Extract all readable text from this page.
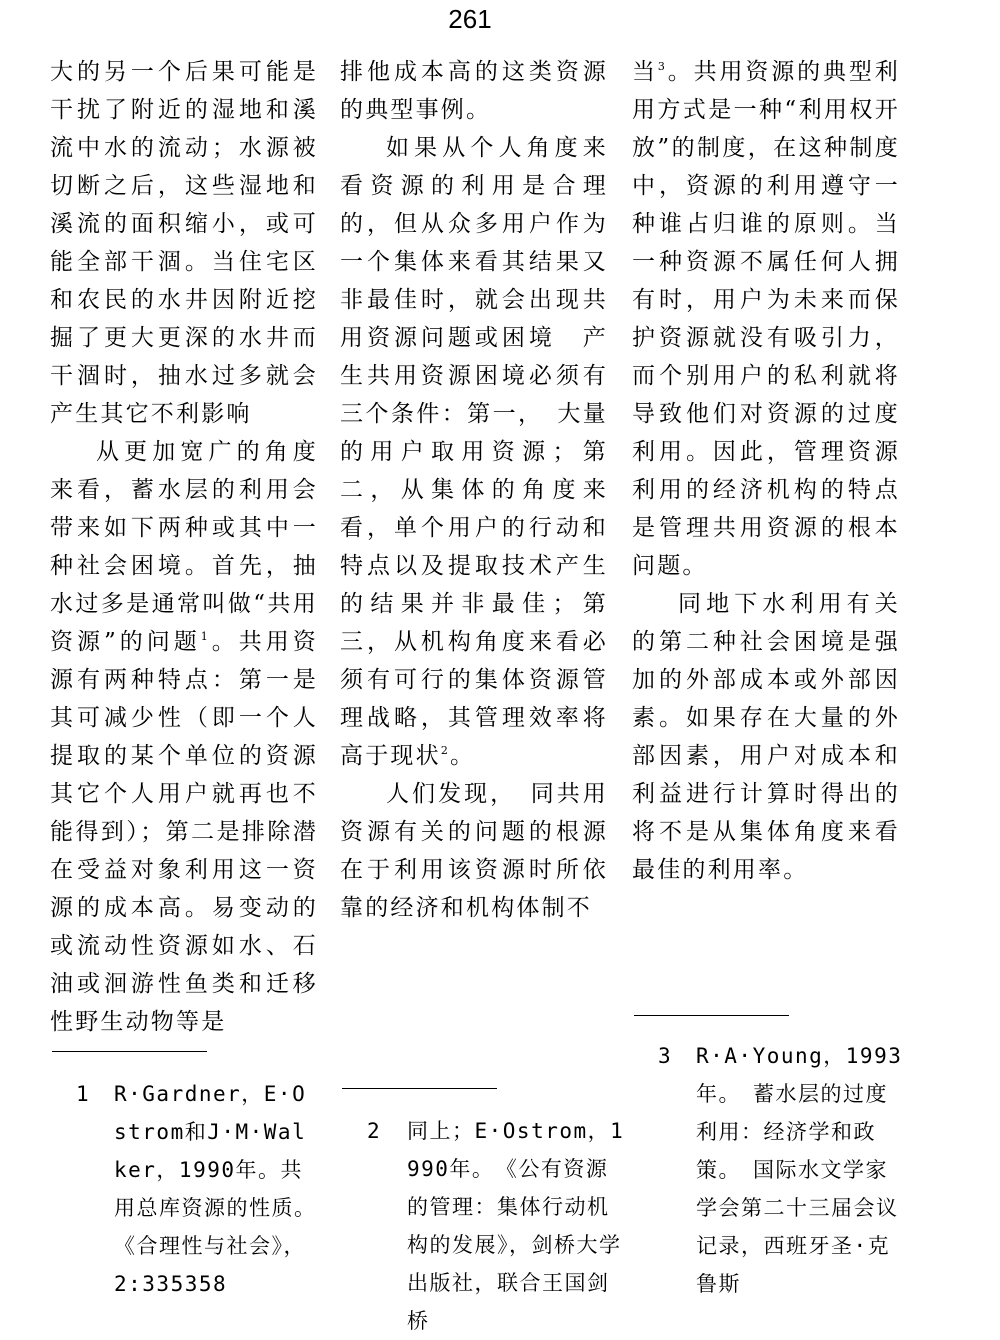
261

大的另一个后果可能是干扰了附近的湿地和溪流中水的流动；水源被切断之后，这些湿地和溪流的面积缩小，或可能全部干涸。当住宅区和农民的水井因附近挖掘了更大更深的水井而干涸时，抽水过多就会产生其它不利影响

从更加宽广的角度来看，蓄水层的利用会带来如下两种或其中一种社会困境。首先，抽水过多是通常叫做“共用资源”的问题$^1$。共用资源有两种特点：第一是其可减少性（即一个人提取的某个单位的资源其它个人用户就再也不能得到）；第二是排除潜在受益对象利用这一资源的成本高。易变动的或流动性资源如水、石油或洄游性鱼类和迁移性野生动物等是

排他成本高的这类资源的典型事例。

如果从个人角度来看资源的利用是合理的，但从众多用户作为一个集体来看其结果又非最佳时，就会出现共用资源问题或困境　产生共用资源困境必须有三个条件：第一，　大量的用户取用资源；第二，从集体的角度来看，单个用户的行动和特点以及提取技术产生的结果并非最佳；第三，从机构角度来看必须有可行的集体资源管理战略，其管理效率将高于现状$^2$。

人们发现，　同共用资源有关的问题的根源在于利用该资源时所依靠的经济和机构体制不

当$^3$。共用资源的典型利用方式是一种“利用权开放”的制度，在这种制度中，资源的利用遵守一种谁占归谁的原则。当一种资源不属任何人拥有时，用户为未来而保护资源就没有吸引力，而个别用户的私利就将导致他们对资源的过度利用。因此，管理资源利用的经济机构的特点是管理共用资源的根本问题。

同地下水利用有关的第二种社会困境是强加的外部成本或外部因素。如果存在大量的外部因素，用户对成本和利益进行计算时得出的将不是从集体角度来看最佳的利用率。

1 R·Gardner，E·Ostrom和J·M·Walker，1990年。共用总库资源的性质。　《合理性与社会》，2:335358
2 同上；E·Ostrom，1990年。　《公有资源的管理：集体行动机构的发展》，剑桥大学出版社，联合王国剑桥
3 R·A·Young，1993年。　蓄水层的过度利用：经济学和政策。　国际水文学家学会第二十三届会议记录，西班牙圣·克鲁斯
